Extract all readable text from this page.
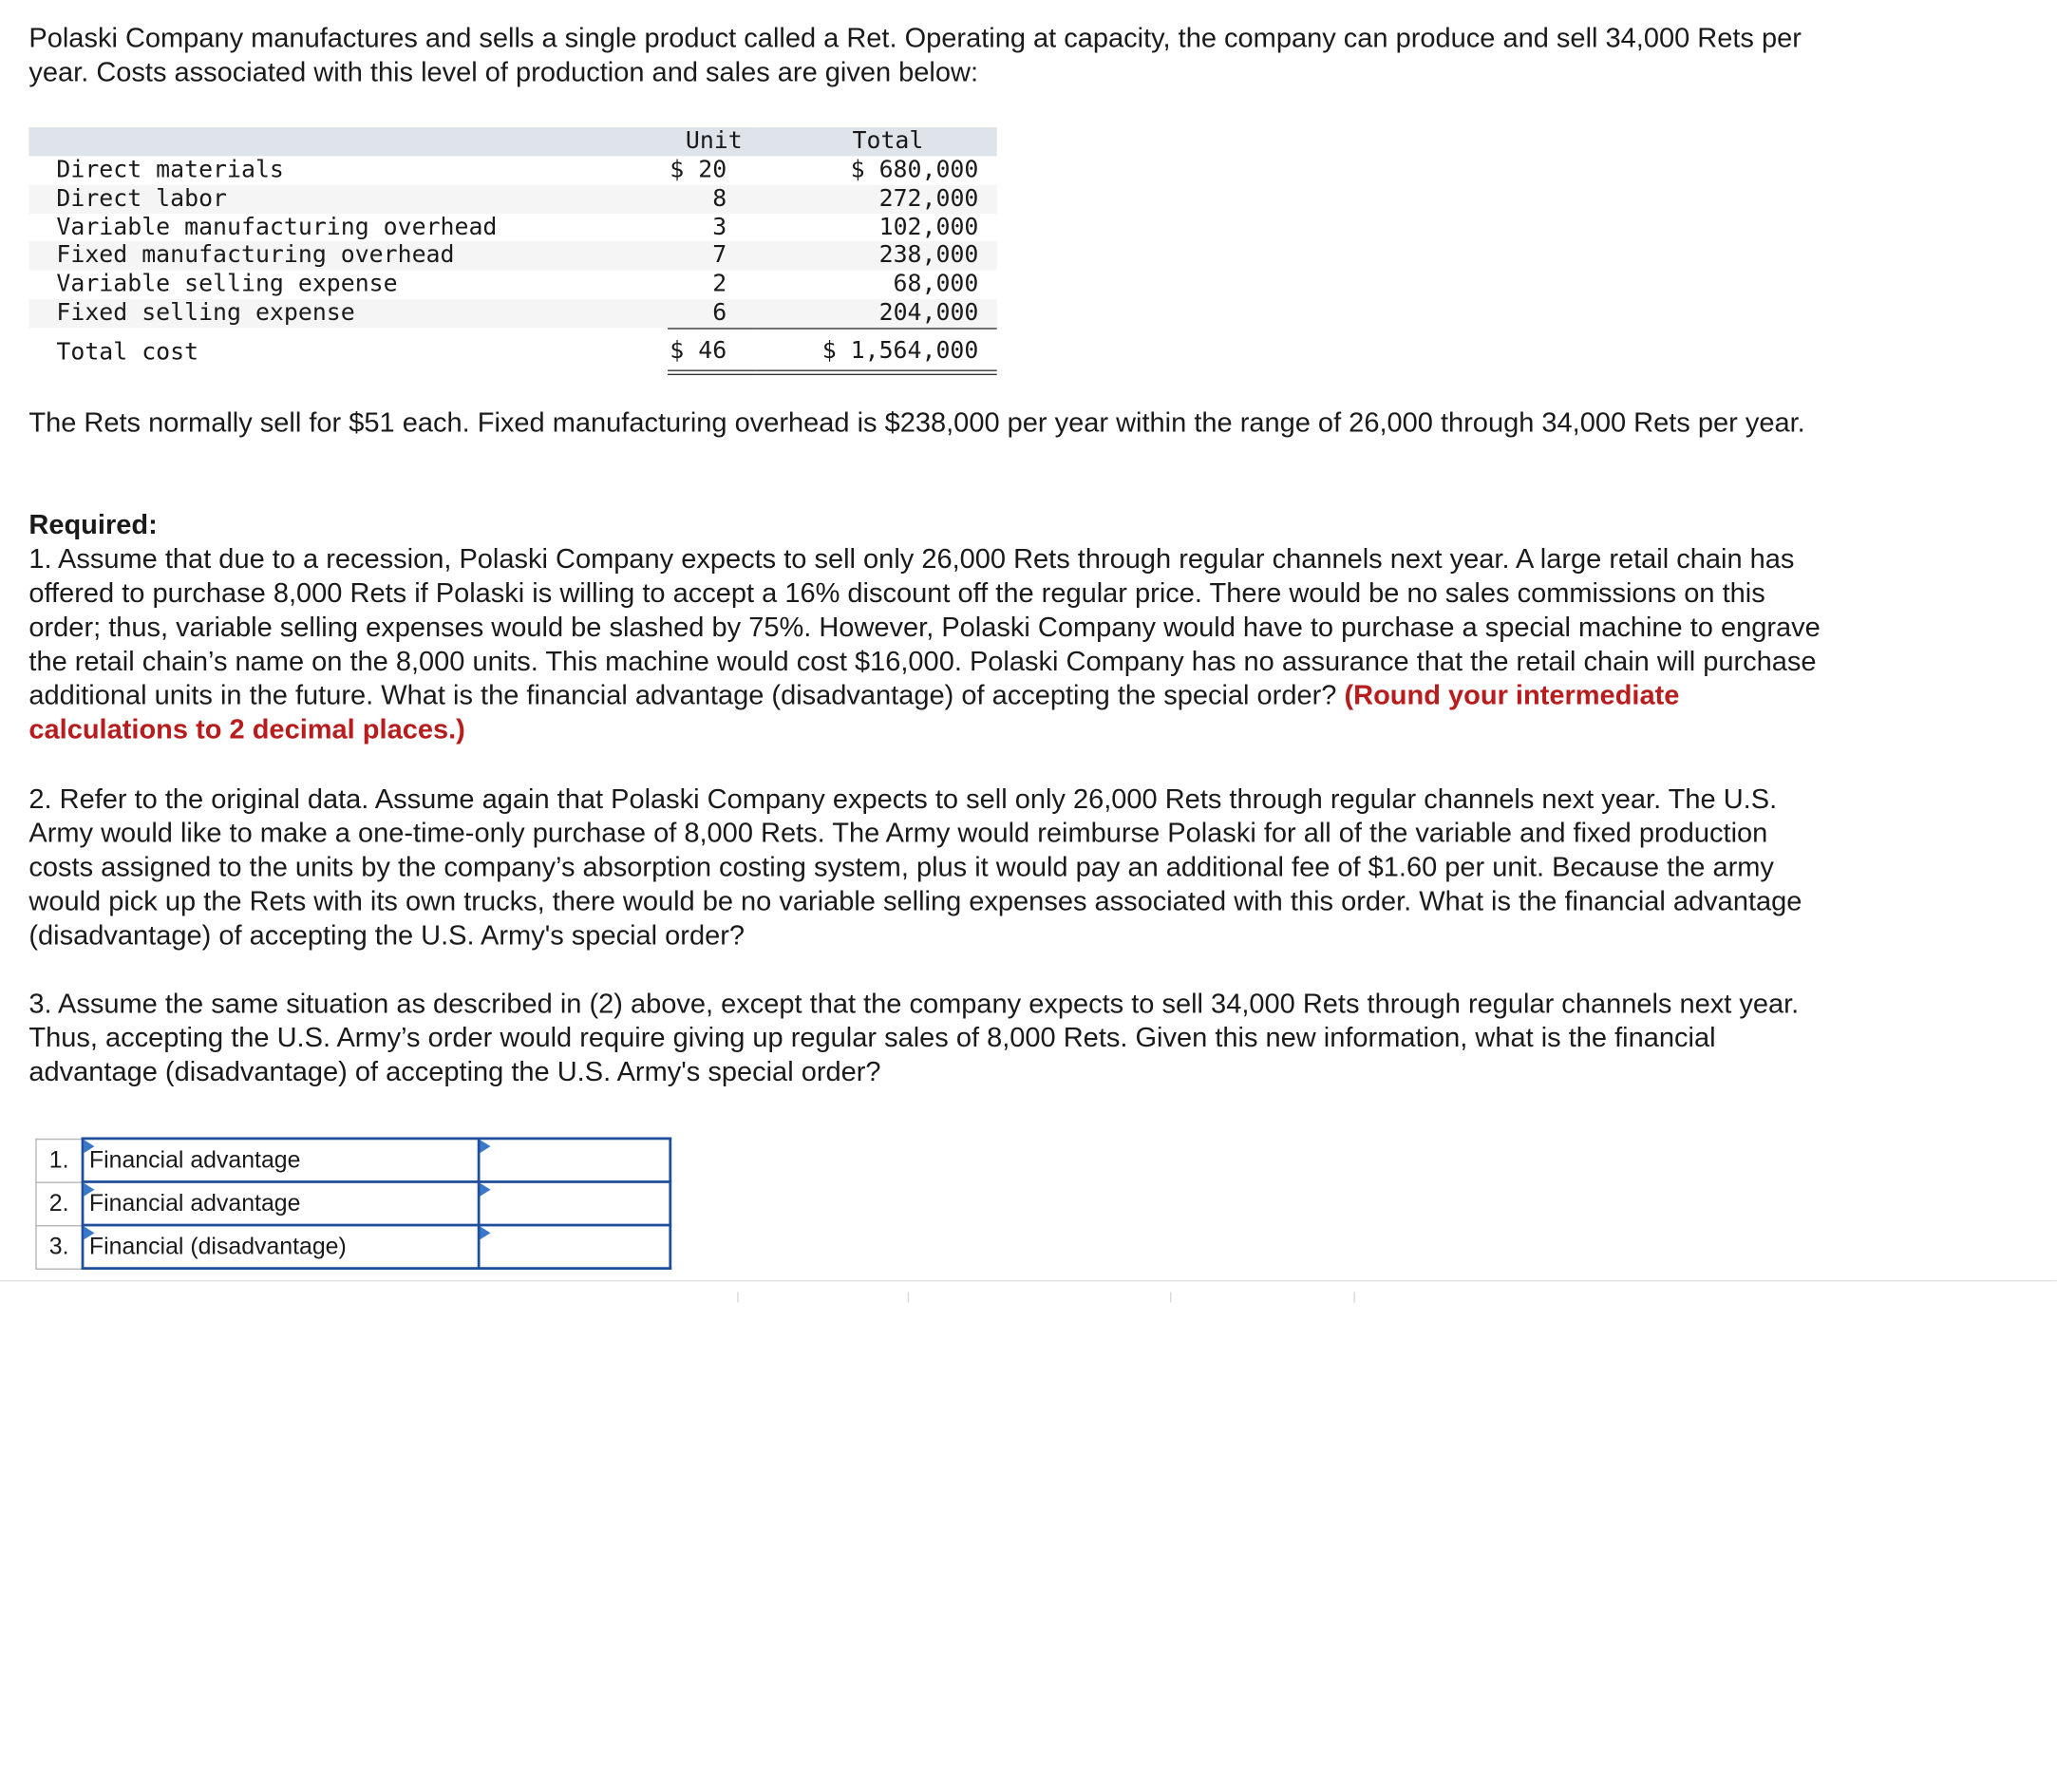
Polaski Company manufactures and sells a single product called a Ret. Operating at capacity, the company can produce and sell 34,000 Rets per year. Costs associated with this level of production and sales are given below:

	Unit	Total
Direct materials	$ 20	$ 680,000
Direct labor	8	272,000
Variable manufacturing overhead	3	102,000
Fixed manufacturing overhead	7	238,000
Variable selling expense	2	68,000
Fixed selling expense	6	204,000
Total cost	$ 46	$ 1,564,000

The Rets normally sell for $51 each. Fixed manufacturing overhead is $238,000 per year within the range of 26,000 through 34,000 Rets per year.

Required:
1. Assume that due to a recession, Polaski Company expects to sell only 26,000 Rets through regular channels next year. A large retail chain has offered to purchase 8,000 Rets if Polaski is willing to accept a 16% discount off the regular price. There would be no sales commissions on this order; thus, variable selling expenses would be slashed by 75%. However, Polaski Company would have to purchase a special machine to engrave the retail chain’s name on the 8,000 units. This machine would cost $16,000. Polaski Company has no assurance that the retail chain will purchase additional units in the future. What is the financial advantage (disadvantage) of accepting the special order? (Round your intermediate calculations to 2 decimal places.)

2. Refer to the original data. Assume again that Polaski Company expects to sell only 26,000 Rets through regular channels next year. The U.S. Army would like to make a one-time-only purchase of 8,000 Rets. The Army would reimburse Polaski for all of the variable and fixed production costs assigned to the units by the company’s absorption costing system, plus it would pay an additional fee of $1.60 per unit. Because the army would pick up the Rets with its own trucks, there would be no variable selling expenses associated with this order. What is the financial advantage (disadvantage) of accepting the U.S. Army's special order?

3. Assume the same situation as described in (2) above, except that the company expects to sell 34,000 Rets through regular channels next year. Thus, accepting the U.S. Army’s order would require giving up regular sales of 8,000 Rets. Given this new information, what is the financial advantage (disadvantage) of accepting the U.S. Army's special order?

1.	Financial advantage	

2.	Financial advantage	

3.	Financial (disadvantage)	
